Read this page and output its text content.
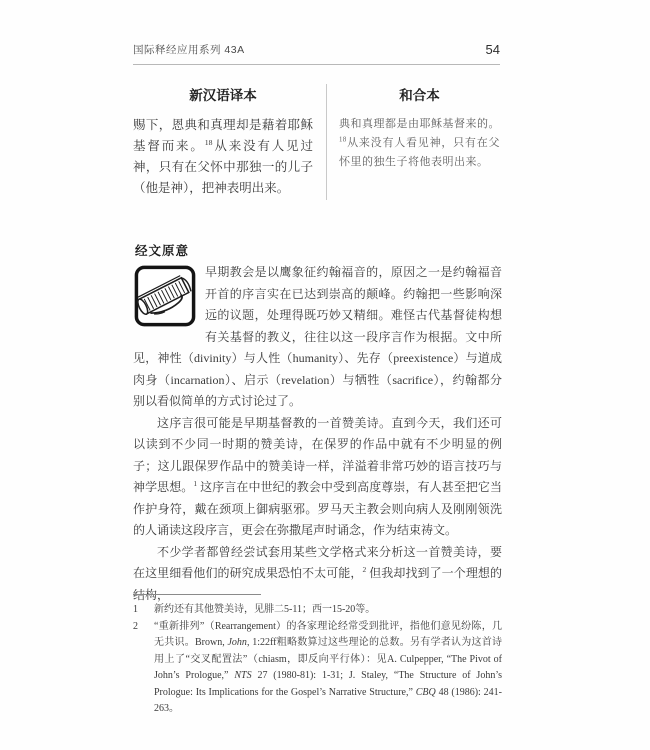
国际释经应用系列 43A	54
新汉语译本
赐下，恩典和真理却是藉着耶稣基督而来。$^{18}$从来没有人见过神，只有在父怀中那独一的儿子（他是神），把神表明出来。
和合本
典和真理都是由耶稣基督来的。$^{18}$从来没有人看见神，只有在父怀里的独生子将他表明出来。
经文原意

早期教会是以鹰象征约翰福音的，原因之一是约翰福音开首的序言实在已达到崇高的颠峰。约翰把一些影响深远的议题，处理得既巧妙又精细。难怪古代基督徒构想有关基督的教义，往往以这一段序言作为根据。文中所见，神性（divinity）与人性（humanity）、先存（preexistence）与道成肉身（incarnation）、启示（revelation）与牺牲（sacrifice），约翰都分别以看似简单的方式讨论过了。

这序言很可能是早期基督教的一首赞美诗。直到今天，我们还可以读到不少同一时期的赞美诗，在保罗的作品中就有不少明显的例子；这儿跟保罗作品中的赞美诗一样，洋溢着非常巧妙的语言技巧与神学思想。$^1$ 这序言在中世纪的教会中受到高度尊崇，有人甚至把它当作护身符，戴在颈项上御病驱邪。罗马天主教会则向病人及刚刚领洗的人诵读这段序言，更会在弥撒尾声时诵念，作为结束祷文。

不少学者都曾经尝试套用某些文学格式来分析这一首赞美诗，要在这里细看他们的研究成果恐怕不太可能，$^2$ 但我却找到了一个理想的结构，

1	新约还有其他赞美诗，见腓二5-11；西一15-20等。
2	“重新排列”（Rearrangement）的各家理论经常受到批评，指他们意见纷陈，几无共识。Brown, John, 1:22ff粗略数算过这些理论的总数。另有学者认为这首诗用上了“交叉配置法”（chiasm，即反向平行体）：见A. Culpepper, “The Pivot of John’s Prologue,” NTS 27 (1980-81): 1-31; J. Staley, “The Structure of John’s Prologue: Its Implications for the Gospel’s Narrative Structure,” CBQ 48 (1986): 241-263。
